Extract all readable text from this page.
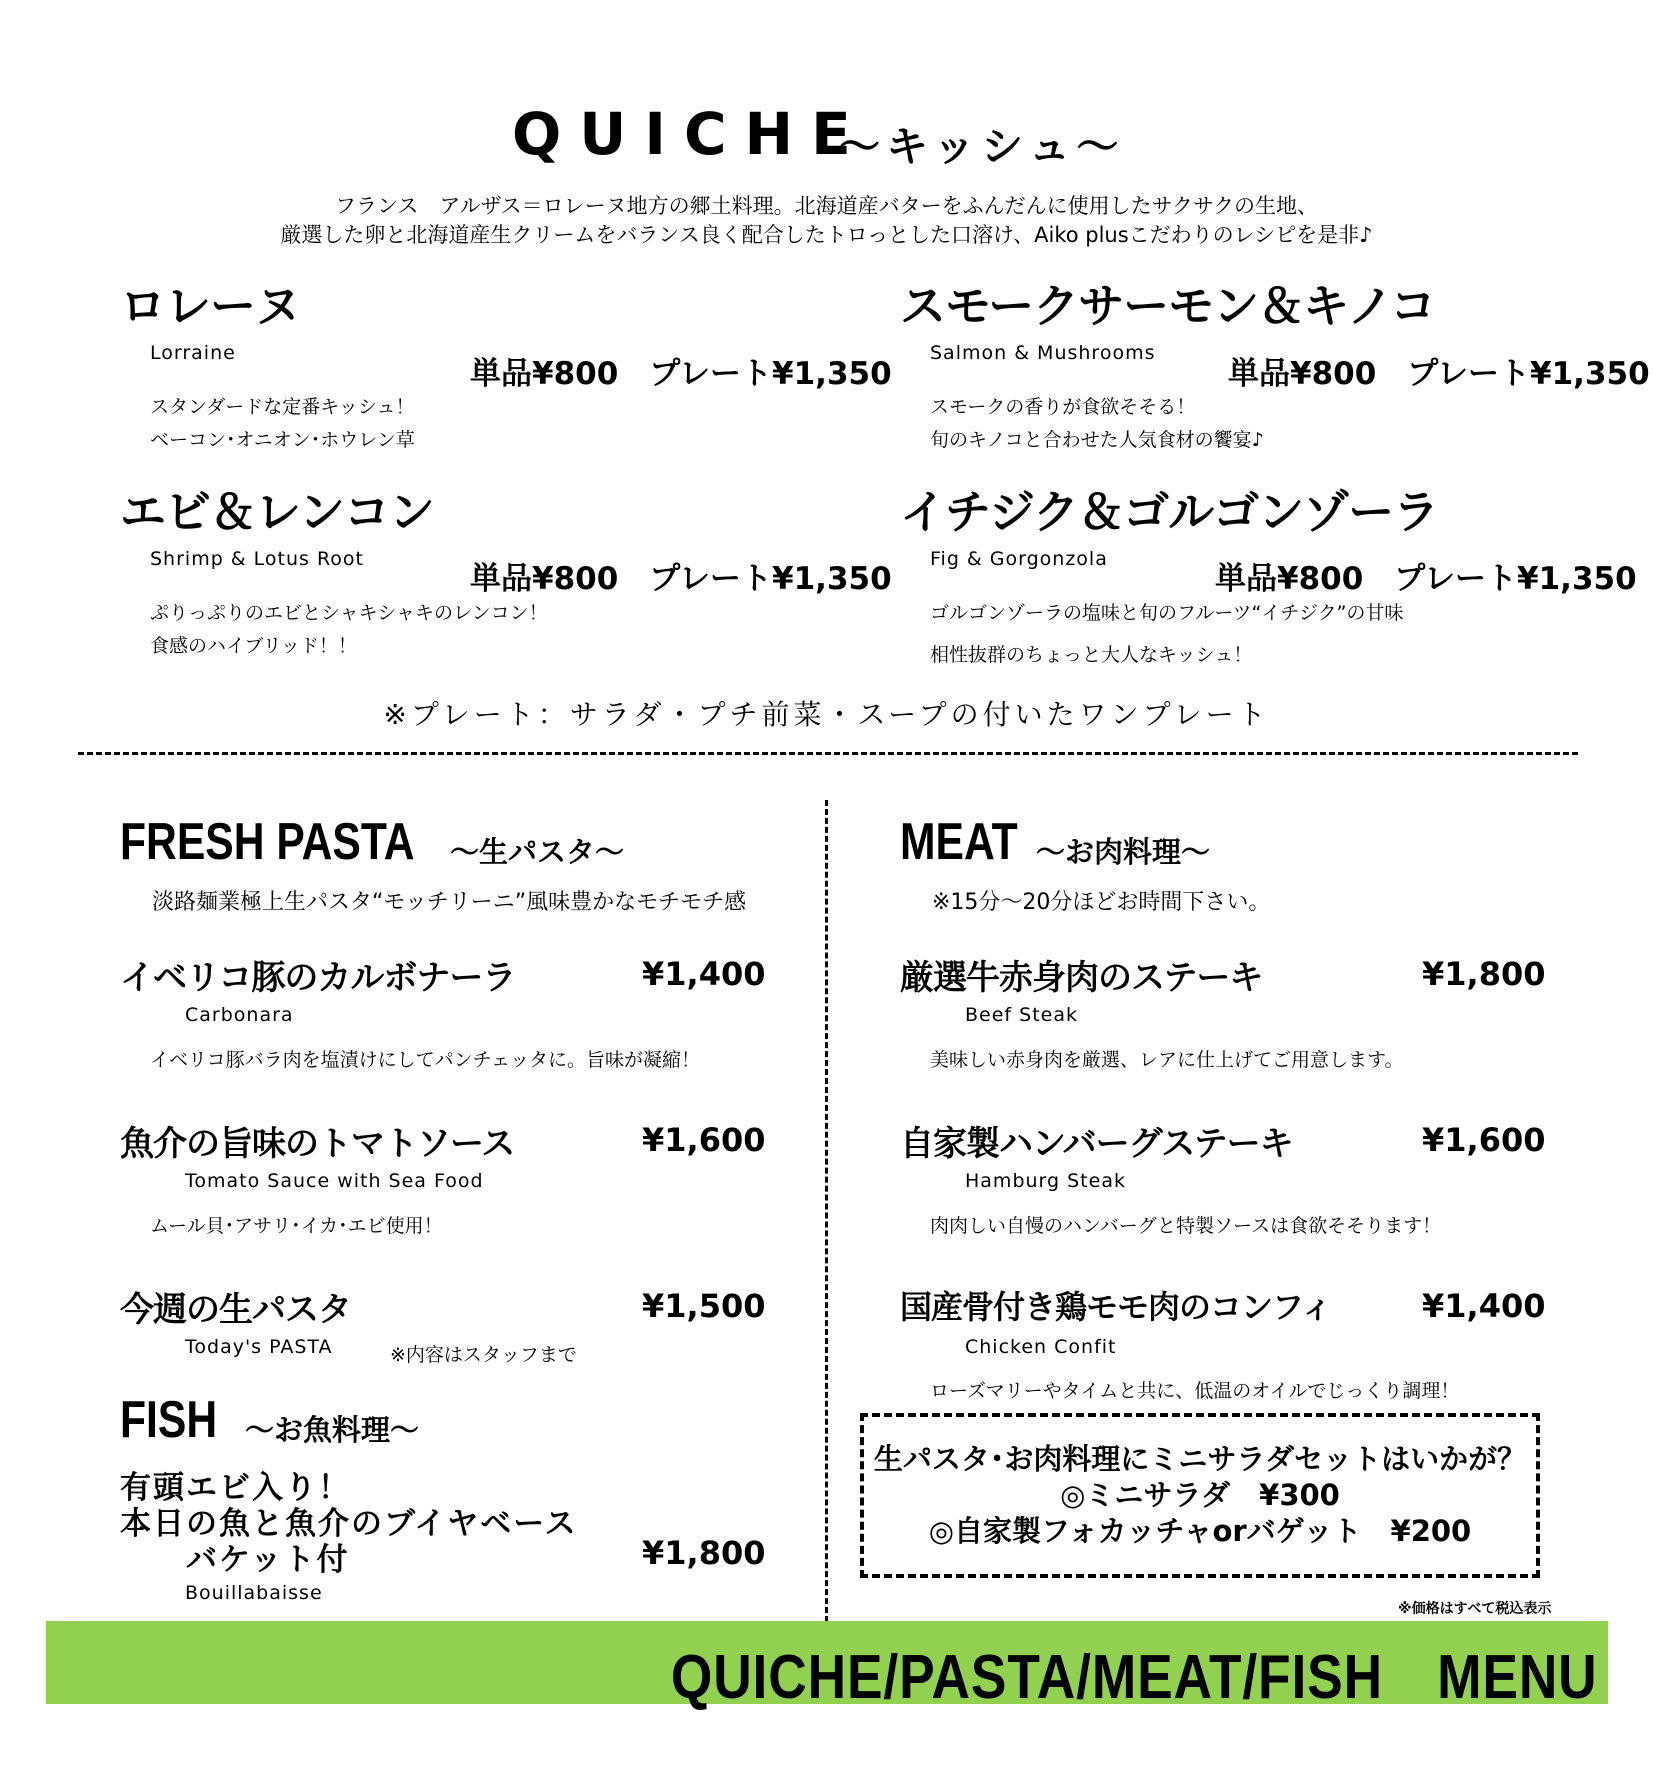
QUICHE
〜キッシュ〜
フランス　アルザス＝ロレーヌ地方の郷土料理。北海道産バターをふんだんに使用したサクサクの生地、
厳選した卵と北海道産生クリームをバランス良く配合したトロっとした口溶け、Aiko plusこだわりのレシピを是非♪
ロレーヌ
Lorraine
単品¥800　プレート¥1,350
スタンダードな定番キッシュ！
ベーコン･オニオン･ホウレン草
スモークサーモン＆キノコ
Salmon & Mushrooms
単品¥800　プレート¥1,350
スモークの香りが食欲そそる！
旬のキノコと合わせた人気食材の饗宴♪
エビ＆レンコン
Shrimp & Lotus Root
単品¥800　プレート¥1,350
ぷりっぷりのエビとシャキシャキのレンコン！
食感のハイブリッド！！
イチジク＆ゴルゴンゾーラ
Fig & Gorgonzola
単品¥800　プレート¥1,350
ゴルゴンゾーラの塩味と旬のフルーツ“イチジク”の甘味
相性抜群のちょっと大人なキッシュ！
※プレート：サラダ・プチ前菜・スープの付いたワンプレート
FRESH PASTA 〜生パスタ〜
淡路麺業極上生パスタ“モッチリーニ”風味豊かなモチモチ感
イベリコ豚のカルボナーラ	¥1,400
Carbonara
イベリコ豚バラ肉を塩漬けにしてパンチェッタに。旨味が凝縮！
魚介の旨味のトマトソース	¥1,600
Tomato Sauce with Sea Food
ムール貝･アサリ･イカ･エビ使用！
今週の生パスタ	¥1,500
Today's PASTA	※内容はスタッフまで
FISH 〜お魚料理〜
有頭エビ入り！
本日の魚と魚介のブイヤベース
バケット付	¥1,800
Bouillabaisse
MEAT 〜お肉料理〜
※15分〜20分ほどお時間下さい。
厳選牛赤身肉のステーキ	¥1,800
Beef Steak
美味しい赤身肉を厳選、レアに仕上げてご用意します。
自家製ハンバーグステーキ	¥1,600
Hamburg Steak
肉肉しい自慢のハンバーグと特製ソースは食欲そそります！
国産骨付き鶏モモ肉のコンフィ	¥1,400
Chicken Confit
ローズマリーやタイムと共に、低温のオイルでじっくり調理！
生パスタ･お肉料理にミニサラダセットはいかが？
◎ミニサラダ　¥300
◎自家製フォカッチャorバゲット　¥200
※価格はすべて税込表示
QUICHE/PASTA/MEAT/FISH　MENU
